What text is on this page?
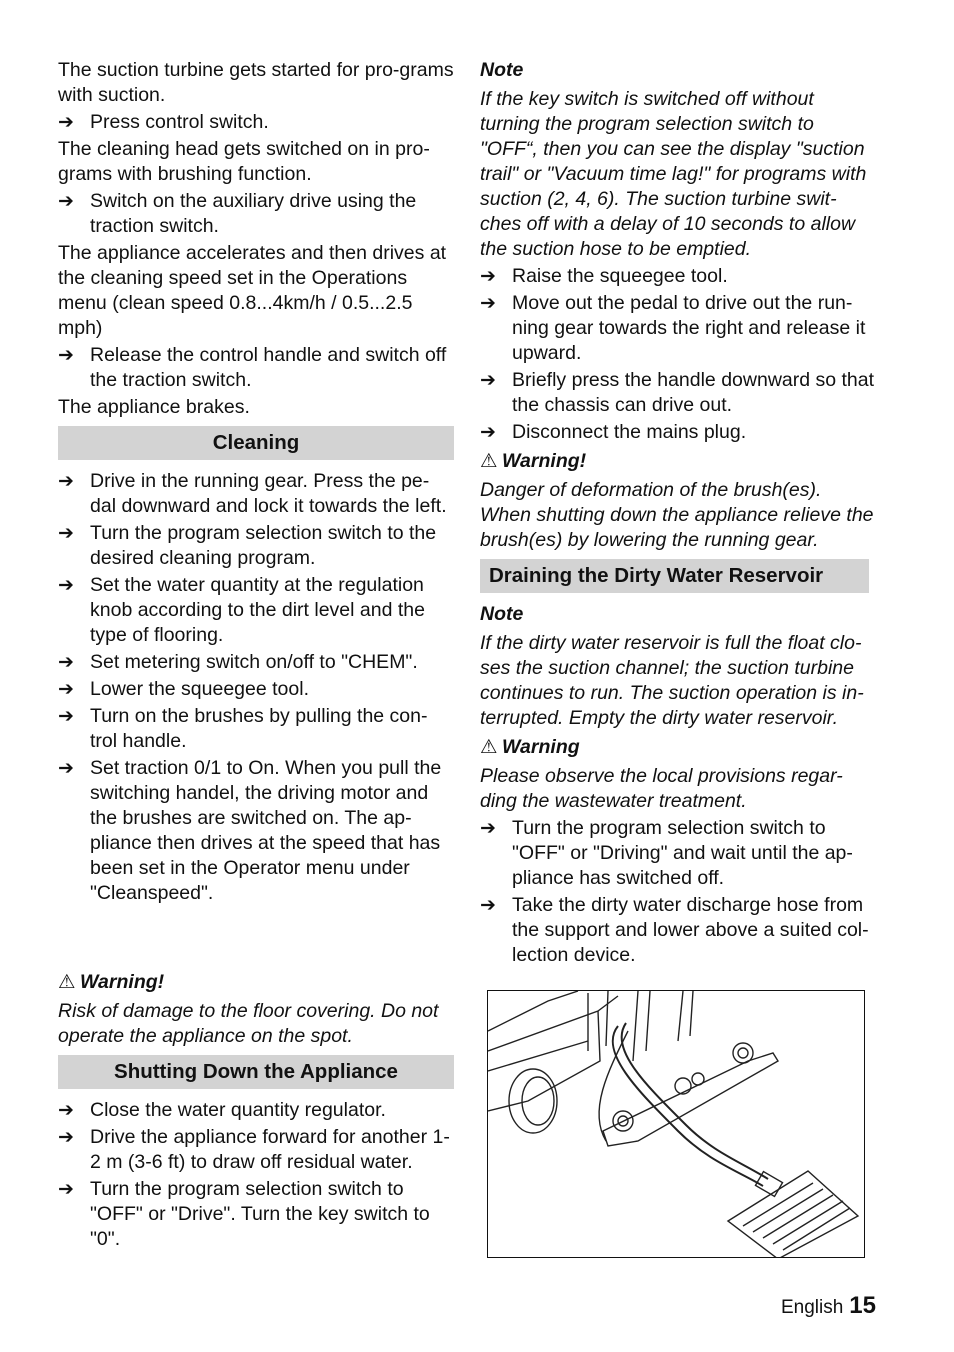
The suction turbine gets started for pro-grams with suction.

➔ Press control switch.

The cleaning head gets switched on in pro-grams with brushing function.

➔ Switch on the auxiliary drive using the traction switch.

The appliance accelerates and then drives at the cleaning speed set in the Operations menu (clean speed 0.8...4km/h / 0.5...2.5 mph)

➔ Release the control handle and switch off the traction switch.

The appliance brakes.

Cleaning
➔ Drive in the running gear. Press the pe-dal downward and lock it towards the left.
➔ Turn the program selection switch to the desired cleaning program.
➔ Set the water quantity at the regulation knob according to the dirt level and the type of flooring.
➔ Set metering switch on/off to "CHEM".
➔ Lower the squeegee tool.
➔ Turn on the brushes by pulling the con-trol handle.
➔ Set traction 0/1 to On. When you pull the switching handel, the driving motor and the brushes are switched on. The ap-pliance then drives at the speed that has been set in the Operator menu under "Cleanspeed".
⚠ Warning!

Risk of damage to the floor covering. Do not operate the appliance on the spot.

Shutting Down the Appliance
➔ Close the water quantity regulator.
➔ Drive the appliance forward for another 1-2 m (3-6 ft) to draw off residual water.
➔ Turn the program selection switch to "OFF" or "Drive". Turn the key switch to "0".
Note

If the key switch is switched off without turning the program selection switch to "OFF“, then you can see the display "suction trail" or "Vacuum time lag!" for programs with suction (2, 4, 6). The suction turbine swit-ches off with a delay of 10 seconds to allow the suction hose to be emptied.

➔ Raise the squeegee tool.
➔ Move out the pedal to drive out the run-ning gear towards the right and release it upward.
➔ Briefly press the handle downward so that the chassis can drive out.
➔ Disconnect the mains plug.
⚠ Warning!

Danger of deformation of the brush(es). When shutting down the appliance relieve the brush(es) by lowering the running gear.

Draining the Dirty Water Reservoir
Note

If the dirty water reservoir is full the float clo-ses the suction channel; the suction turbine continues to run. The suction operation is in-terrupted. Empty the dirty water reservoir.

⚠ Warning

Please observe the local provisions regar-ding the wastewater treatment.

➔ Turn the program selection switch to "OFF" or "Driving" and wait until the ap-pliance has switched off.
➔ Take the dirty water discharge hose from the support and lower above a suited col-lection device.
English 15
